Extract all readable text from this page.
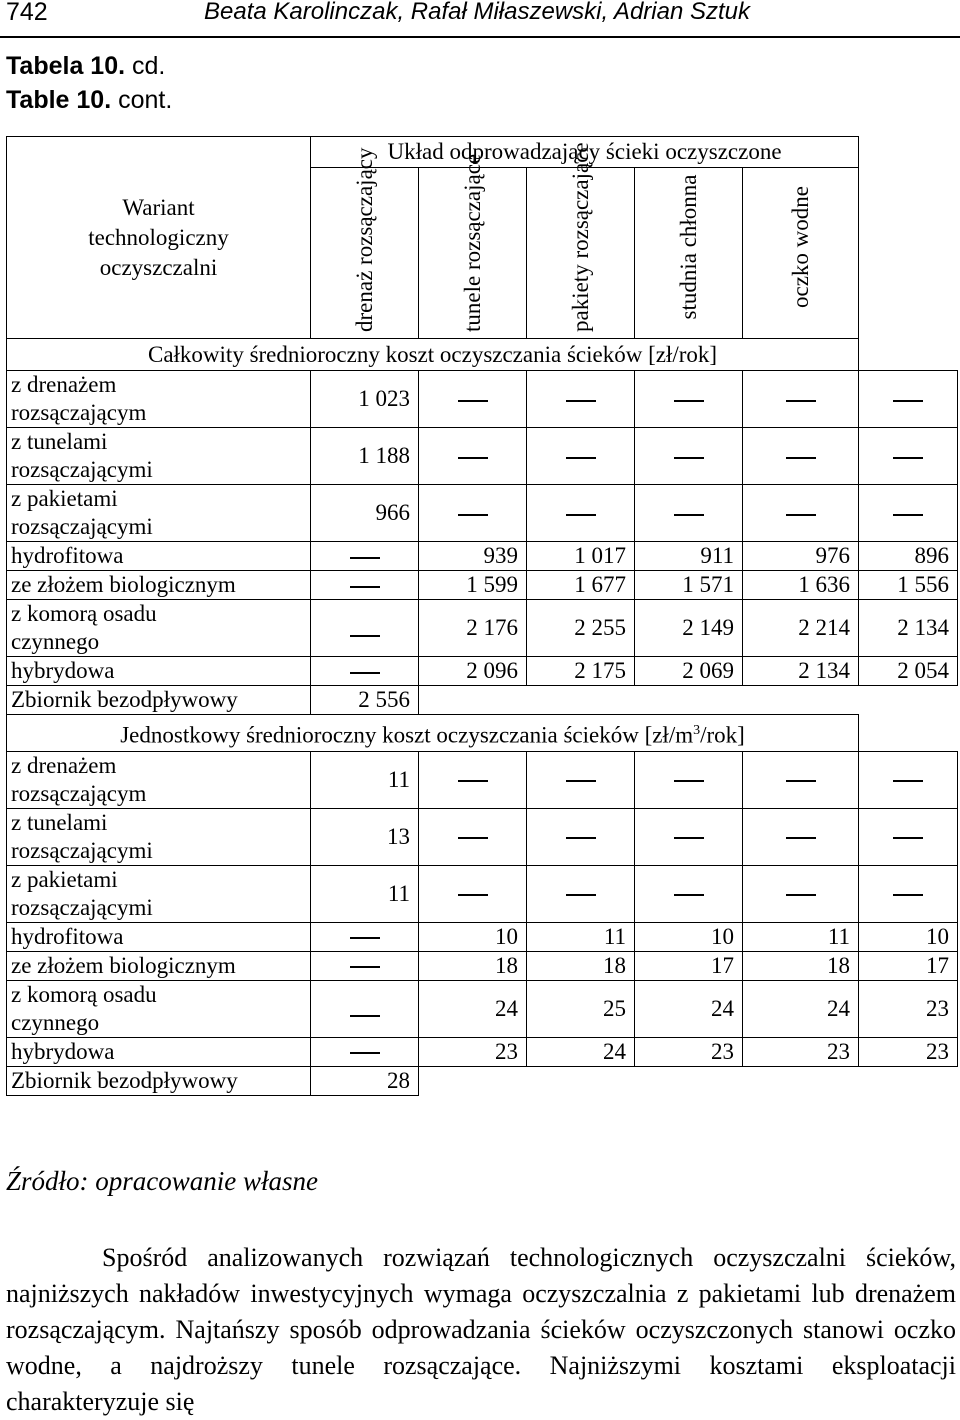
742	Beata Karolinczak, Rafał Miłaszewski, Adrian Sztuk
Tabela 10. cd.
Table 10. cont.
Wariant technologiczny oczyszczalni	Układ odprowadzający ścieki oczyszczone					

	drenaż rozsączający	tunele rozsączające	pakiety rozsączające	studnia chłonna	oczko wodne	

Całkowity średnioroczny koszt oczyszczania ścieków [zł/rok]						
z drenażem rozsączającym	1 023					
z tunelami rozsączającymi	1 188					
z pakietami rozsączającymi	966					
hydrofitowa		939	1 017	911	976	896
ze złożem biologicznym		1 599	1 677	1 571	1 636	1 556
z komorą osadu czynnego		2 176	2 255	2 149	2 214	2 134
hybrydowa		2 096	2 175	2 069	2 134	2 054
Zbiornik bezodpływowy	2 556					
Jednostkowy średnioroczny koszt oczyszczania ścieków $[zł/m^3/rok]$						
z drenażem rozsączającym	11					
z tunelami rozsączającymi	13					
z pakietami rozsączającymi	11					
hydrofitowa		10	11	10	11	10
ze złożem biologicznym		18	18	17	18	17
z komorą osadu czynnego		24	25	24	24	23
hybrydowa		23	24	23	23	23
Zbiornik bezodpływowy	28					
Źródło: opracowanie własne
Spośród analizowanych rozwiązań technologicznych oczyszczalni ścieków, najniższych nakładów inwestycyjnych wymaga oczyszczalnia z pakietami lub drenażem rozsączającym. Najtańszy sposób odprowadzania ścieków oczyszczonych stanowi oczko wodne, a najdroższy tunele rozsączające. Najniższymi kosztami eksploatacji charakteryzuje się
